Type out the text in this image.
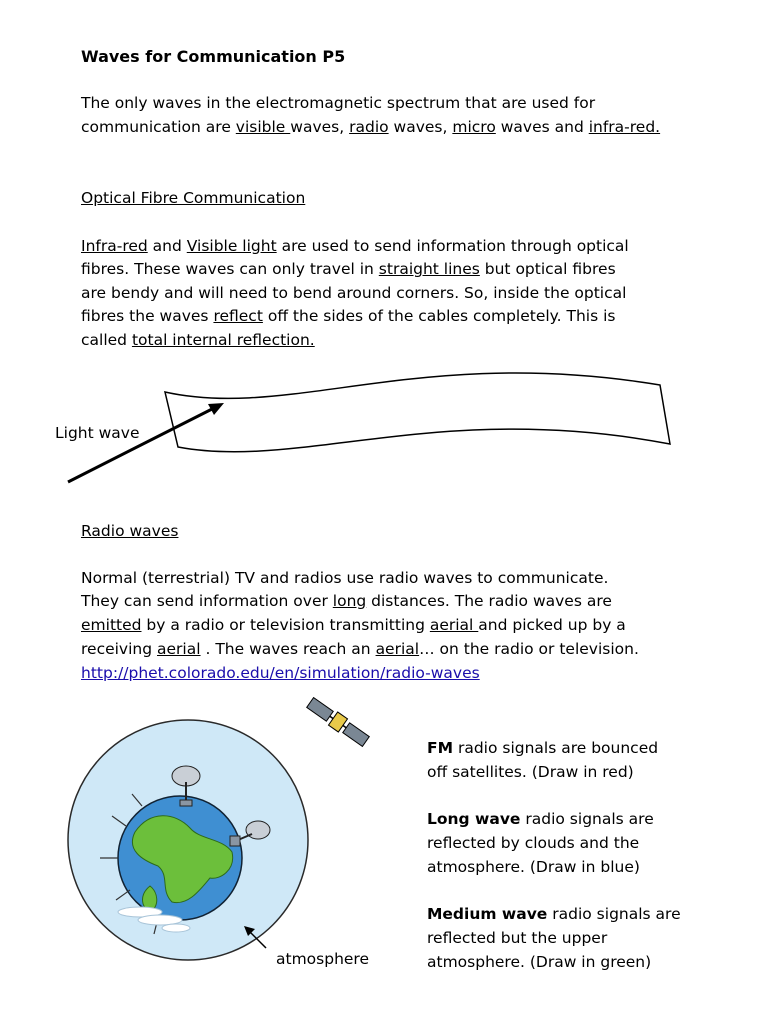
Waves for Communication P5
The only waves in the electromagnetic spectrum that are used for
communication are visible waves, radio waves, micro waves and infra-red.
Optical Fibre Communication
Infra-red and Visible light are used to send information through optical
fibres. These waves can only travel in straight lines but optical fibres
are bendy and will need to bend around corners. So, inside the optical
fibres the waves reflect off the sides of the cables completely. This is
called total internal reflection.
Light wave
Radio waves
Normal (terrestrial) TV and radios use radio waves to communicate.
They can send information over long distances. The radio waves are
emitted by a radio or television transmitting aerial and picked up by a
receiving aerial . The waves reach an aerial… on the radio or television.
http://phet.colorado.edu/en/simulation/radio-waves
atmosphere
FM radio signals are bounced
off satellites. (Draw in red)
Long wave radio signals are
reflected by clouds and the
atmosphere. (Draw in blue)
Medium wave radio signals are
reflected but the upper
atmosphere. (Draw in green)
